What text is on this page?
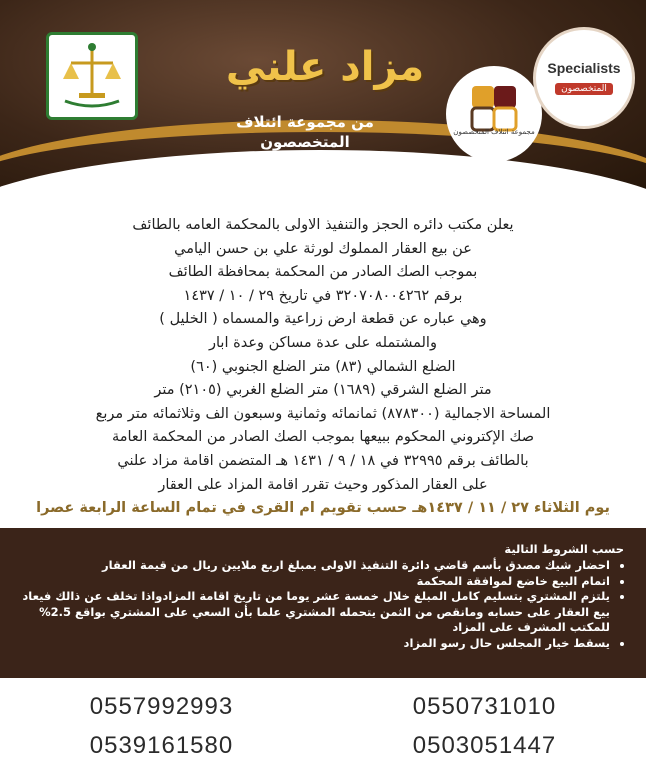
مزاد علني
من مجموعة ائتلاف المتخصصون
للتصوير والتسويق العقاري
مجموعة ائتلاف المتخصصون
Specialists
المتخصصون
يعلن مكتب دائره الحجز والتنفيذ الاولى بالمحكمة العامه بالطائف
عن بيع العقار المملوك لورثة علي بن حسن اليامي
بموجب الصك الصادر من المحكمة بمحافظة الطائف
برقم ٣٢٠٧٠٨٠٠٤٢٦٢ في تاريخ ٢٩ / ١٠ / ١٤٣٧
وهي عباره عن قطعة ارض زراعية والمسماه ( الخليل )
والمشتمله على عدة مساكن وعدة ابار
الضلع الشمالي (٨٣) متر الضلع الجنوبي (٦٠)
متر الضلع الشرقي (١٦٨٩) متر الضلع الغربي (٢١٠٥) متر
المساحة الاجمالية (٨٧٨٣٠٠) ثمانمائه وثمانية وسبعون الف وثلاثمائه متر مربع
صك الإكتروني المحكوم ببيعها بموجب الصك الصادر من المحكمة العامة
بالطائف برقم ٣٢٩٩٥ في ١٨ / ٩ / ١٤٣١ هـ المتضمن اقامة مزاد علني
على العقار المذكور وحيث تقرر اقامة المزاد على العقار
يوم الثلاثاء ٢٧ / ١١ / ١٤٣٧هـ حسب تقويم ام القرى في تمام الساعة الرابعة عصرا
حسب الشروط التالية
• احضار شيك مصدق بأسم قاضي دائرة التنفيذ الاولى بمبلغ اربع ملايين ريال من قيمة العقار
• اتمام البيع خاضع لموافقة المحكمة
• يلتزم المشتري بتسليم كامل المبلغ خلال خمسة عشر يوما من تاريخ اقامة المزادواذا تخلف عن ذالك فيعاد بيع العقار على حسابه ومانقص من الثمن يتحمله المشتري علما بأن السعي على المشتري بواقع 2.5% للمكتب المشرف على المزاد
• يسقط خيار المجلس حال رسو المزاد
0557992993	0550731010
0539161580	0503051447
